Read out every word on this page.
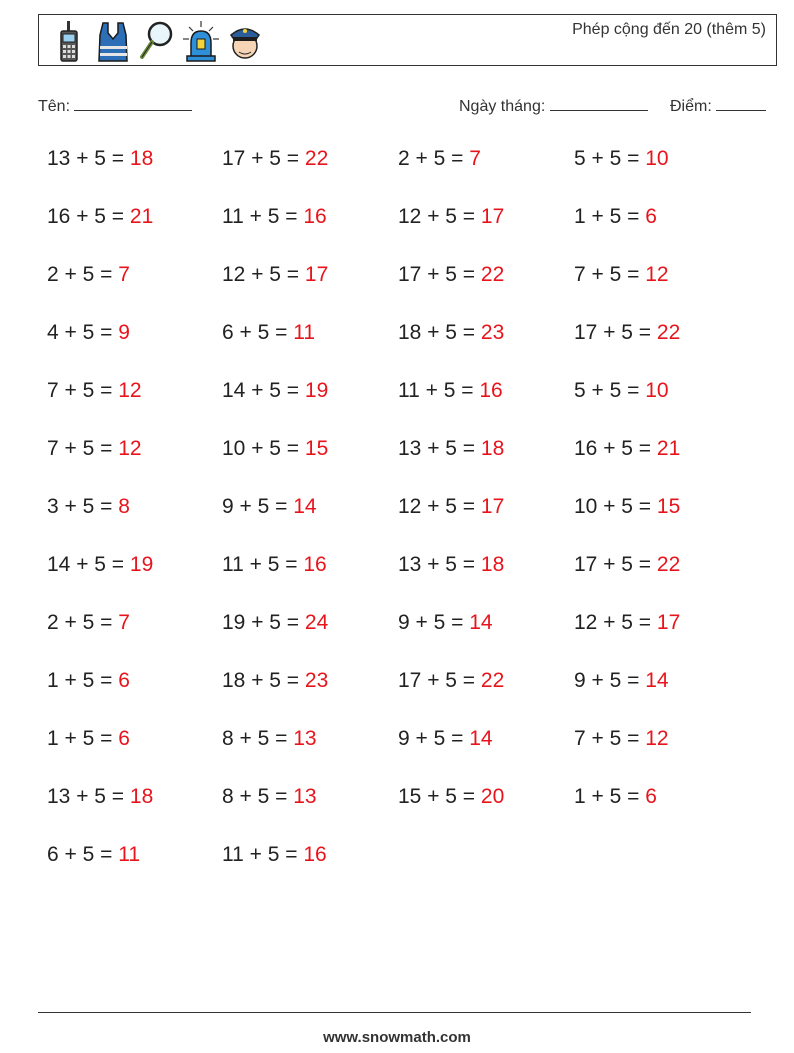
Phép cộng đến 20 (thêm 5)
Tên:	Ngày tháng:	Điểm:
13 + 5 = 18	17 + 5 = 22	2 + 5 = 7	5 + 5 = 10
16 + 5 = 21	11 + 5 = 16	12 + 5 = 17	1 + 5 = 6
2 + 5 = 7	12 + 5 = 17	17 + 5 = 22	7 + 5 = 12
4 + 5 = 9	6 + 5 = 11	18 + 5 = 23	17 + 5 = 22
7 + 5 = 12	14 + 5 = 19	11 + 5 = 16	5 + 5 = 10
7 + 5 = 12	10 + 5 = 15	13 + 5 = 18	16 + 5 = 21
3 + 5 = 8	9 + 5 = 14	12 + 5 = 17	10 + 5 = 15
14 + 5 = 19	11 + 5 = 16	13 + 5 = 18	17 + 5 = 22
2 + 5 = 7	19 + 5 = 24	9 + 5 = 14	12 + 5 = 17
1 + 5 = 6	18 + 5 = 23	17 + 5 = 22	9 + 5 = 14
1 + 5 = 6	8 + 5 = 13	9 + 5 = 14	7 + 5 = 12
13 + 5 = 18	8 + 5 = 13	15 + 5 = 20	1 + 5 = 6
6 + 5 = 11	11 + 5 = 16
www.snowmath.com
